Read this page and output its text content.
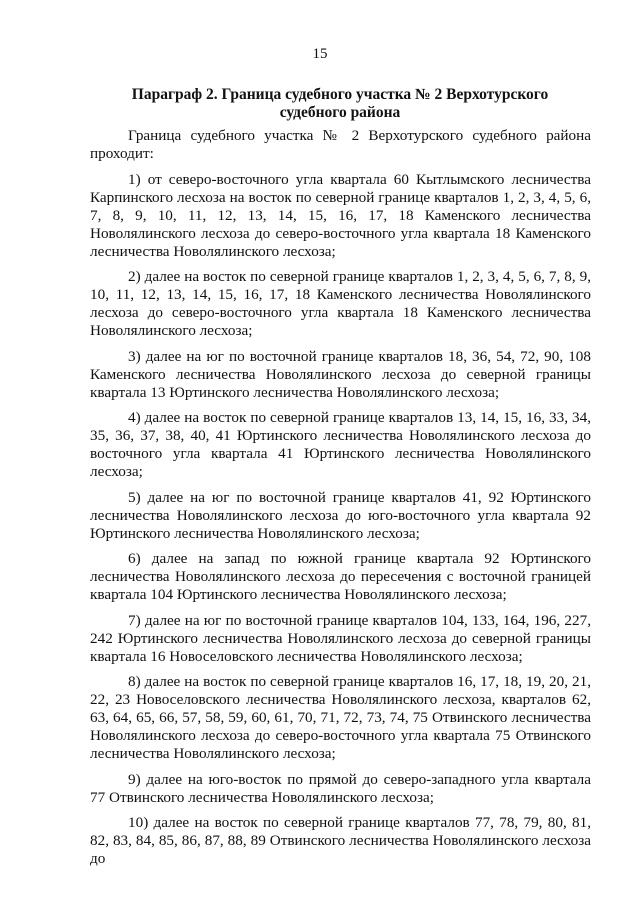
15
Параграф 2. Граница судебного участка № 2 Верхотурского
судебного района

Граница судебного участка № 2 Верхотурского судебного района проходит:

1) от северо-восточного угла квартала 60 Кытлымского лесничества Карпинского лесхоза на восток по северной границе кварталов 1, 2, 3, 4, 5, 6, 7, 8, 9, 10, 11, 12, 13, 14, 15, 16, 17, 18 Каменского лесничества Новолялинского лесхоза до северо-восточного угла квартала 18 Каменского лесничества Новолялинского лесхоза;

2) далее на восток по северной границе кварталов 1, 2, 3, 4, 5, 6, 7, 8, 9, 10, 11, 12, 13, 14, 15, 16, 17, 18 Каменского лесничества Новолялинского лесхоза до северо-восточного угла квартала 18 Каменского лесничества Новолялинского лесхоза;

3) далее на юг по восточной границе кварталов 18, 36, 54, 72, 90, 108 Каменского лесничества Новолялинского лесхоза до северной границы квартала 13 Юртинского лесничества Новолялинского лесхоза;

4) далее на восток по северной границе кварталов 13, 14, 15, 16, 33, 34, 35, 36, 37, 38, 40, 41 Юртинского лесничества Новолялинского лесхоза до восточного угла квартала 41 Юртинского лесничества Новолялинского лесхоза;

5) далее на юг по восточной границе кварталов 41, 92 Юртинского лесничества Новолялинского лесхоза до юго-восточного угла квартала 92 Юртинского лесничества Новолялинского лесхоза;

6) далее на запад по южной границе квартала 92 Юртинского лесничества Новолялинского лесхоза до пересечения с восточной границей квартала 104 Юртинского лесничества Новолялинского лесхоза;

7) далее на юг по восточной границе кварталов 104, 133, 164, 196, 227, 242 Юртинского лесничества Новолялинского лесхоза до северной границы квартала 16 Новоселовского лесничества Новолялинского лесхоза;

8) далее на восток по северной границе кварталов 16, 17, 18, 19, 20, 21, 22, 23 Новоселовского лесничества Новолялинского лесхоза, кварталов 62, 63, 64, 65, 66, 57, 58, 59, 60, 61, 70, 71, 72, 73, 74, 75 Отвинского лесничества Новолялинского лесхоза до северо-восточного угла квартала 75 Отвинского лесничества Новолялинского лесхоза;

9) далее на юго-восток по прямой до северо-западного угла квартала 77 Отвинского лесничества Новолялинского лесхоза;

10) далее на восток по северной границе кварталов 77, 78, 79, 80, 81, 82, 83, 84, 85, 86, 87, 88, 89 Отвинского лесничества Новолялинского лесхоза до
